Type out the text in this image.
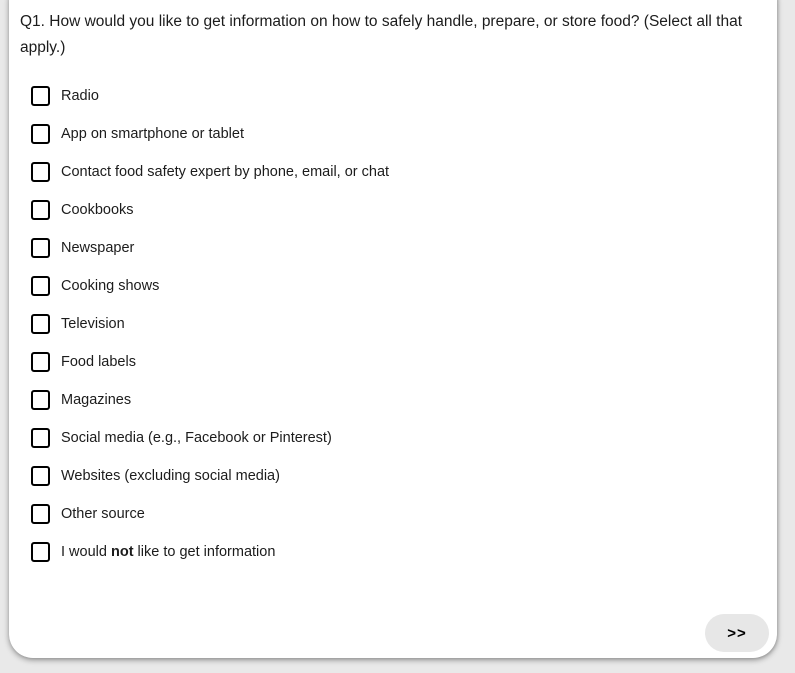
Q1. How would you like to get information on how to safely handle, prepare, or store food? (Select all that apply.)
Radio
App on smartphone or tablet
Contact food safety expert by phone, email, or chat
Cookbooks
Newspaper
Cooking shows
Television
Food labels
Magazines
Social media (e.g., Facebook or Pinterest)
Websites (excluding social media)
Other source
I would not like to get information
>>
